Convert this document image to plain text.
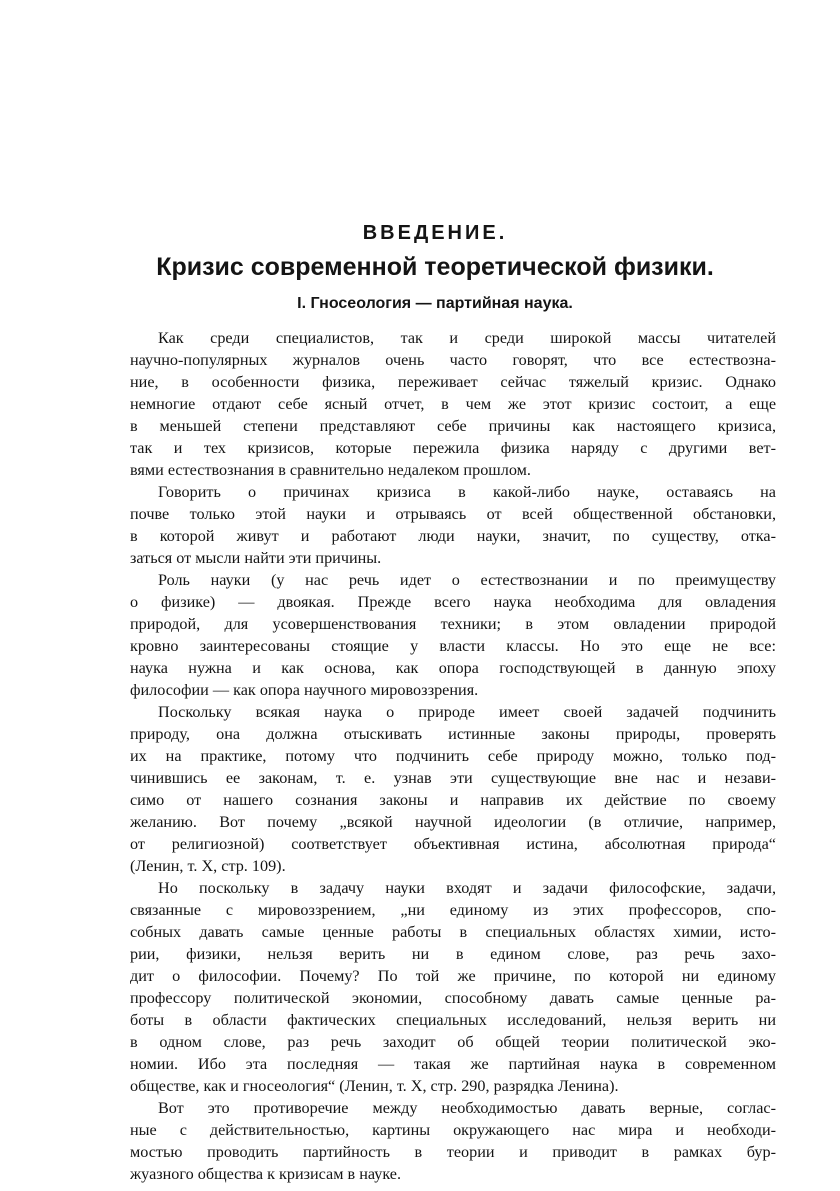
ВВЕДЕНИЕ.
Кризис современной теоретической физики.
I. Гносеология — партийная наука.
Как среди специалистов, так и среди широкой массы читателей
научно-популярных журналов очень часто говорят, что все естествозна-
ние, в особенности физика, переживает сейчас тяжелый кризис. Однако
немногие отдают себе ясный отчет, в чем же этот кризис состоит, а еще
в меньшей степени представляют себе причины как настоящего кризиса,
так и тех кризисов, которые пережила физика наряду с другими вет-
вями естествознания в сравнительно недалеком прошлом.
Говорить о причинах кризиса в какой-либо науке, оставаясь на
почве только этой науки и отрываясь от всей общественной обстановки,
в которой живут и работают люди науки, значит, по существу, отка-
заться от мысли найти эти причины.
Роль науки (у нас речь идет о естествознании и по преимуществу
о физике) — двоякая. Прежде всего наука необходима для овладения
природой, для усовершенствования техники; в этом овладении природой
кровно заинтересованы стоящие у власти классы. Но это еще не все:
наука нужна и как основа, как опора господствующей в данную эпоху
философии — как опора научного мировоззрения.
Поскольку всякая наука о природе имеет своей задачей подчинить
природу, она должна отыскивать истинные законы природы, проверять
их на практике, потому что подчинить себе природу можно, только под-
чинившись ее законам, т. е. узнав эти существующие вне нас и незави-
симо от нашего сознания законы и направив их действие по своему
желанию. Вот почему „всякой научной идеологии (в отличие, например,
от религиозной) соответствует объективная истина, абсолютная природа“
(Ленин, т. X, стр. 109).
Но поскольку в задачу науки входят и задачи философские, задачи,
связанные с мировоззрением, „ни единому из этих профессоров, спо-
собных давать самые ценные работы в специальных областях химии, исто-
рии, физики, нельзя верить ни в едином слове, раз речь захо-
дит о философии. Почему? По той же причине, по которой ни единому
профессору политической экономии, способному давать самые ценные ра-
боты в области фактических специальных исследований, нельзя верить ни
в одном слове, раз речь заходит об общей теории политической эко-
номии. Ибо эта последняя — такая же партийная наука в современном
обществе, как и гносеология“ (Ленин, т. X, стр. 290, разрядка Ленина).
Вот это противоречие между необходимостью давать верные, соглас-
ные с действительностью, картины окружающего нас мира и необходи-
мостью проводить партийность в теории и приводит в рамках бур-
жуазного общества к кризисам в науке.
